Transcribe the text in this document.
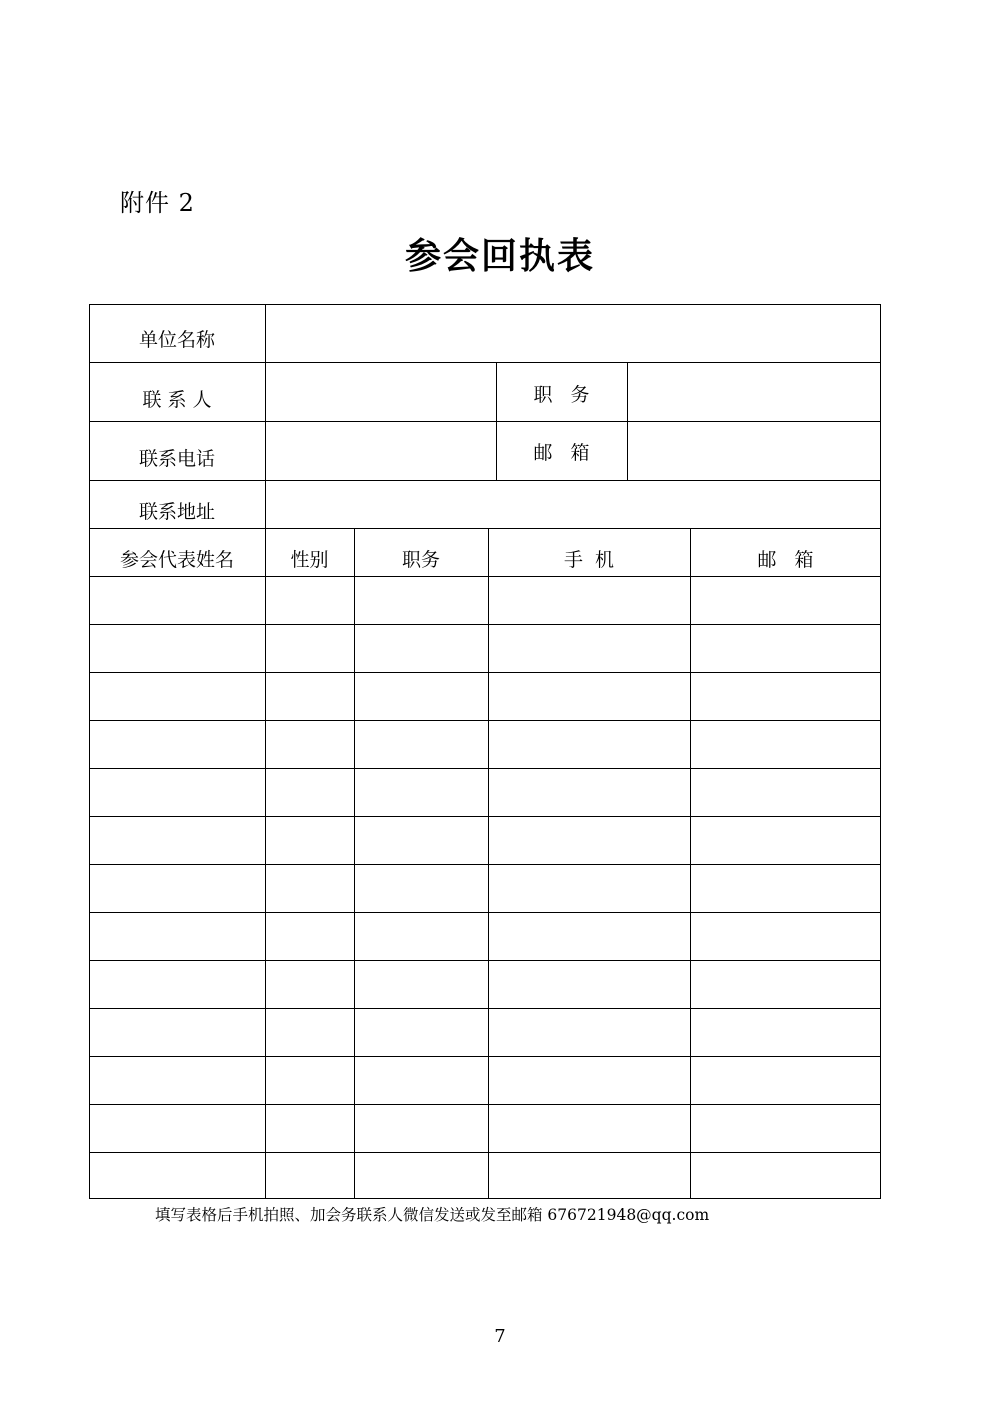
附件 2
参会回执表
单位名称
联 系 人	职   务
联系电话	邮   箱
联系地址
参会代表姓名	性别	职务	手  机	邮   箱
填写表格后手机拍照、加会务联系人微信发送或发至邮箱 676721948@qq.com
7
